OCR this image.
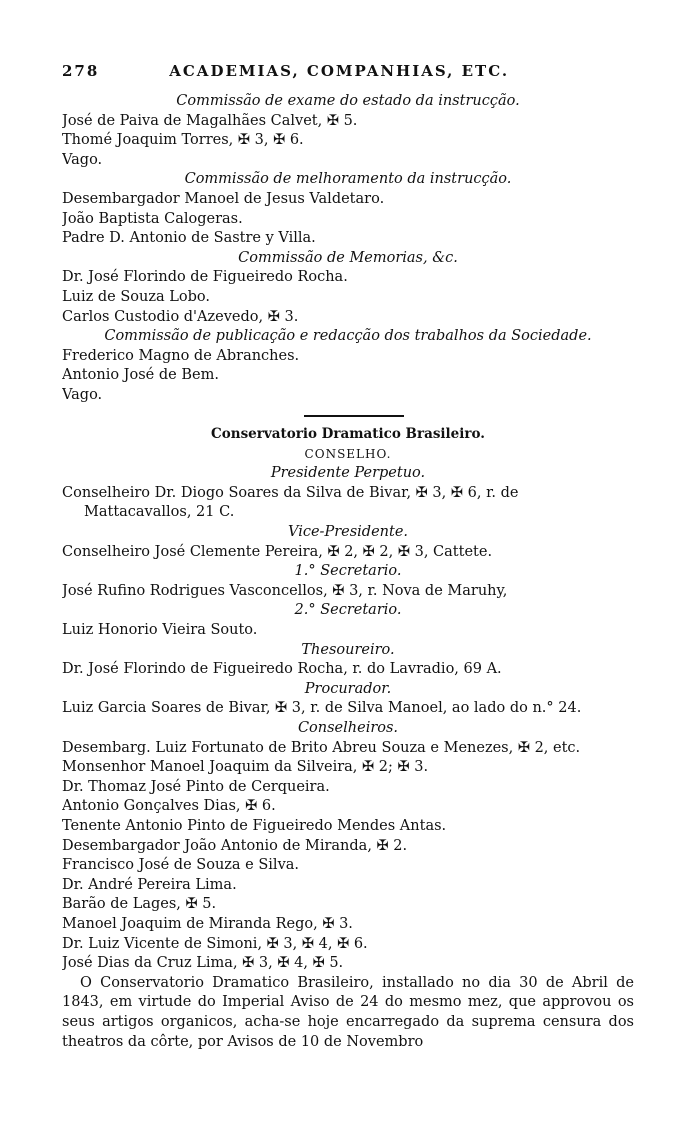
278	ACADEMIAS, COMPANHIAS, ETC.
Commissão de exame do estado da instrucção.
José de Paiva de Magalhães Calvet, ✠ 5.
Thomé Joaquim Torres, ✠ 3, ✠ 6.
Vago.
Commissão de melhoramento da instrucção.
Desembargador Manoel de Jesus Valdetaro.
João Baptista Calogeras.
Padre D. Antonio de Sastre y Villa.
Commissão de Memorias, &c.
Dr. José Florindo de Figueiredo Rocha.
Luiz de Souza Lobo.
Carlos Custodio d'Azevedo, ✠ 3.
Commissão de publicação e redacção dos trabalhos da Sociedade.
Frederico Magno de Abranches.
Antonio José de Bem.
Vago.
Conservatorio Dramatico Brasileiro.
CONSELHO.
Presidente Perpetuo.
Conselheiro Dr. Diogo Soares da Silva de Bivar, ✠ 3, ✠ 6, r. de
Mattacavallos, 21 C.
Vice-Presidente.
Conselheiro José Clemente Pereira, ✠ 2, ✠ 2, ✠ 3, Cattete.
1.° Secretario.
José Rufino Rodrigues Vasconcellos, ✠ 3, r. Nova de Maruhy,
2.° Secretario.
Luiz Honorio Vieira Souto.
Thesoureiro.
Dr. José Florindo de Figueiredo Rocha, r. do Lavradio, 69 A.
Procurador.
Luiz Garcia Soares de Bivar, ✠ 3, r. de Silva Manoel, ao lado do n.° 24.
Conselheiros.
Desembarg. Luiz Fortunato de Brito Abreu Souza e Menezes, ✠ 2, etc.
Monsenhor Manoel Joaquim da Silveira, ✠ 2; ✠ 3.
Dr. Thomaz José Pinto de Cerqueira.
Antonio Gonçalves Dias, ✠ 6.
Tenente Antonio Pinto de Figueiredo Mendes Antas.
Desembargador João Antonio de Miranda, ✠ 2.
Francisco José de Souza e Silva.
Dr. André Pereira Lima.
Barão de Lages, ✠ 5.
Manoel Joaquim de Miranda Rego, ✠ 3.
Dr. Luiz Vicente de Simoni, ✠ 3, ✠ 4, ✠ 6.
José Dias da Cruz Lima, ✠ 3, ✠ 4, ✠ 5.
O Conservatorio Dramatico Brasileiro, installado no dia 30 de Abril de 1843, em virtude do Imperial Aviso de 24 do mesmo mez, que approvou os seus artigos organicos, acha-se hoje encarregado da suprema censura dos theatros da côrte, por Avisos de 10 de Novembro
